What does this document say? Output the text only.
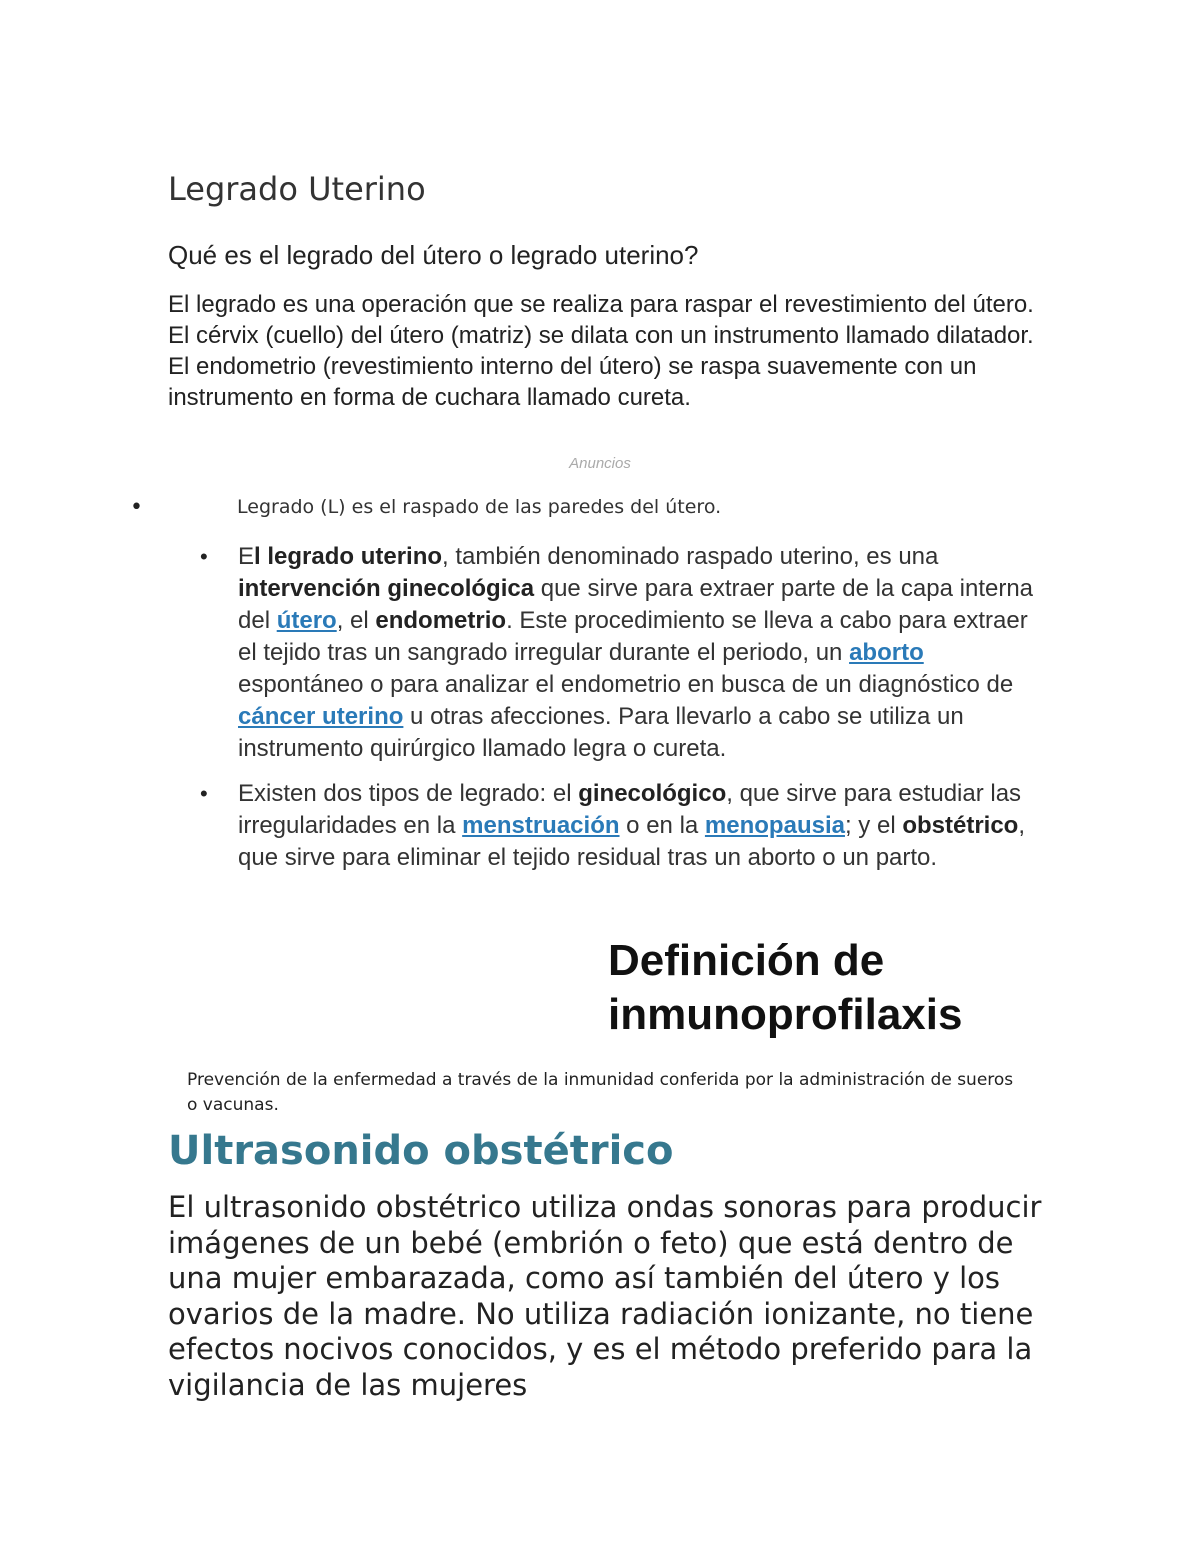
Legrado Uterino
Qué es el legrado del útero o legrado uterino?

El legrado es una operación que se realiza para raspar el revestimiento del útero. El cérvix (cuello) del útero (matriz) se dilata con un instrumento llamado dilatador. El endometrio (revestimiento interno del útero) se raspa suavemente con un instrumento en forma de cuchara llamado cureta.

Anuncios
•	Legrado (L) es el raspado de las paredes del útero.
• El legrado uterino, también denominado raspado uterino, es una intervención ginecológica que sirve para extraer parte de la capa interna del útero, el endometrio. Este procedimiento se lleva a cabo para extraer el tejido tras un sangrado irregular durante el periodo, un aborto espontáneo o para analizar el endometrio en busca de un diagnóstico de cáncer uterino u otras afecciones. Para llevarlo a cabo se utiliza un instrumento quirúrgico llamado legra o cureta.
• Existen dos tipos de legrado: el ginecológico, que sirve para estudiar las irregularidades en la menstruación o en la menopausia; y el obstétrico, que sirve para eliminar el tejido residual tras un aborto o un parto.
Definición de inmunoprofilaxis

Prevención de la enfermedad a través de la inmunidad conferida por la administración de sueros o vacunas.

Ultrasonido obstétrico

El ultrasonido obstétrico utiliza ondas sonoras para producir imágenes de un bebé (embrión o feto) que está dentro de una mujer embarazada, como así también del útero y los ovarios de la madre. No utiliza radiación ionizante, no tiene efectos nocivos conocidos, y es el método preferido para la vigilancia de las mujeres
